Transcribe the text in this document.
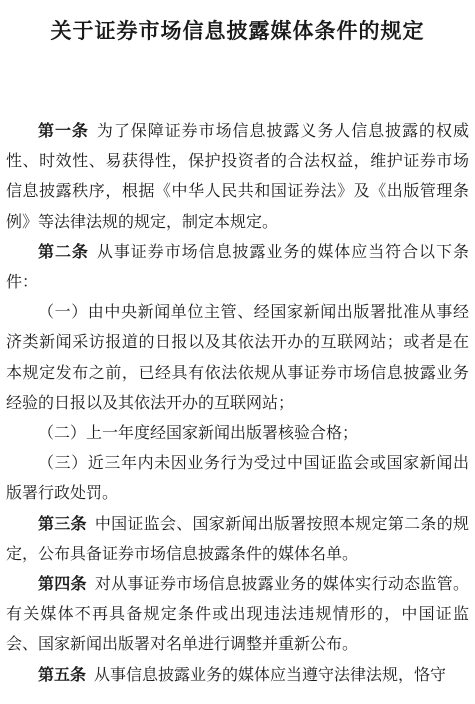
关于证券市场信息披露媒体条件的规定

第一条 为了保障证券市场信息披露义务人信息披露的权威性、时效性、易获得性，保护投资者的合法权益，维护证券市场信息披露秩序，根据《中华人民共和国证券法》及《出版管理条例》等法律法规的规定，制定本规定。

第二条 从事证券市场信息披露业务的媒体应当符合以下条件：

（一）由中央新闻单位主管、经国家新闻出版署批准从事经济类新闻采访报道的日报以及其依法开办的互联网站；或者是在本规定发布之前，已经具有依法依规从事证券市场信息披露业务经验的日报以及其依法开办的互联网站；

（二）上一年度经国家新闻出版署核验合格；

（三）近三年内未因业务行为受过中国证监会或国家新闻出版署行政处罚。

第三条 中国证监会、国家新闻出版署按照本规定第二条的规定，公布具备证券市场信息披露条件的媒体名单。

第四条 对从事证券市场信息披露业务的媒体实行动态监管。有关媒体不再具备规定条件或出现违法违规情形的，中国证监会、国家新闻出版署对名单进行调整并重新公布。

第五条 从事信息披露业务的媒体应当遵守法律法规，恪守
